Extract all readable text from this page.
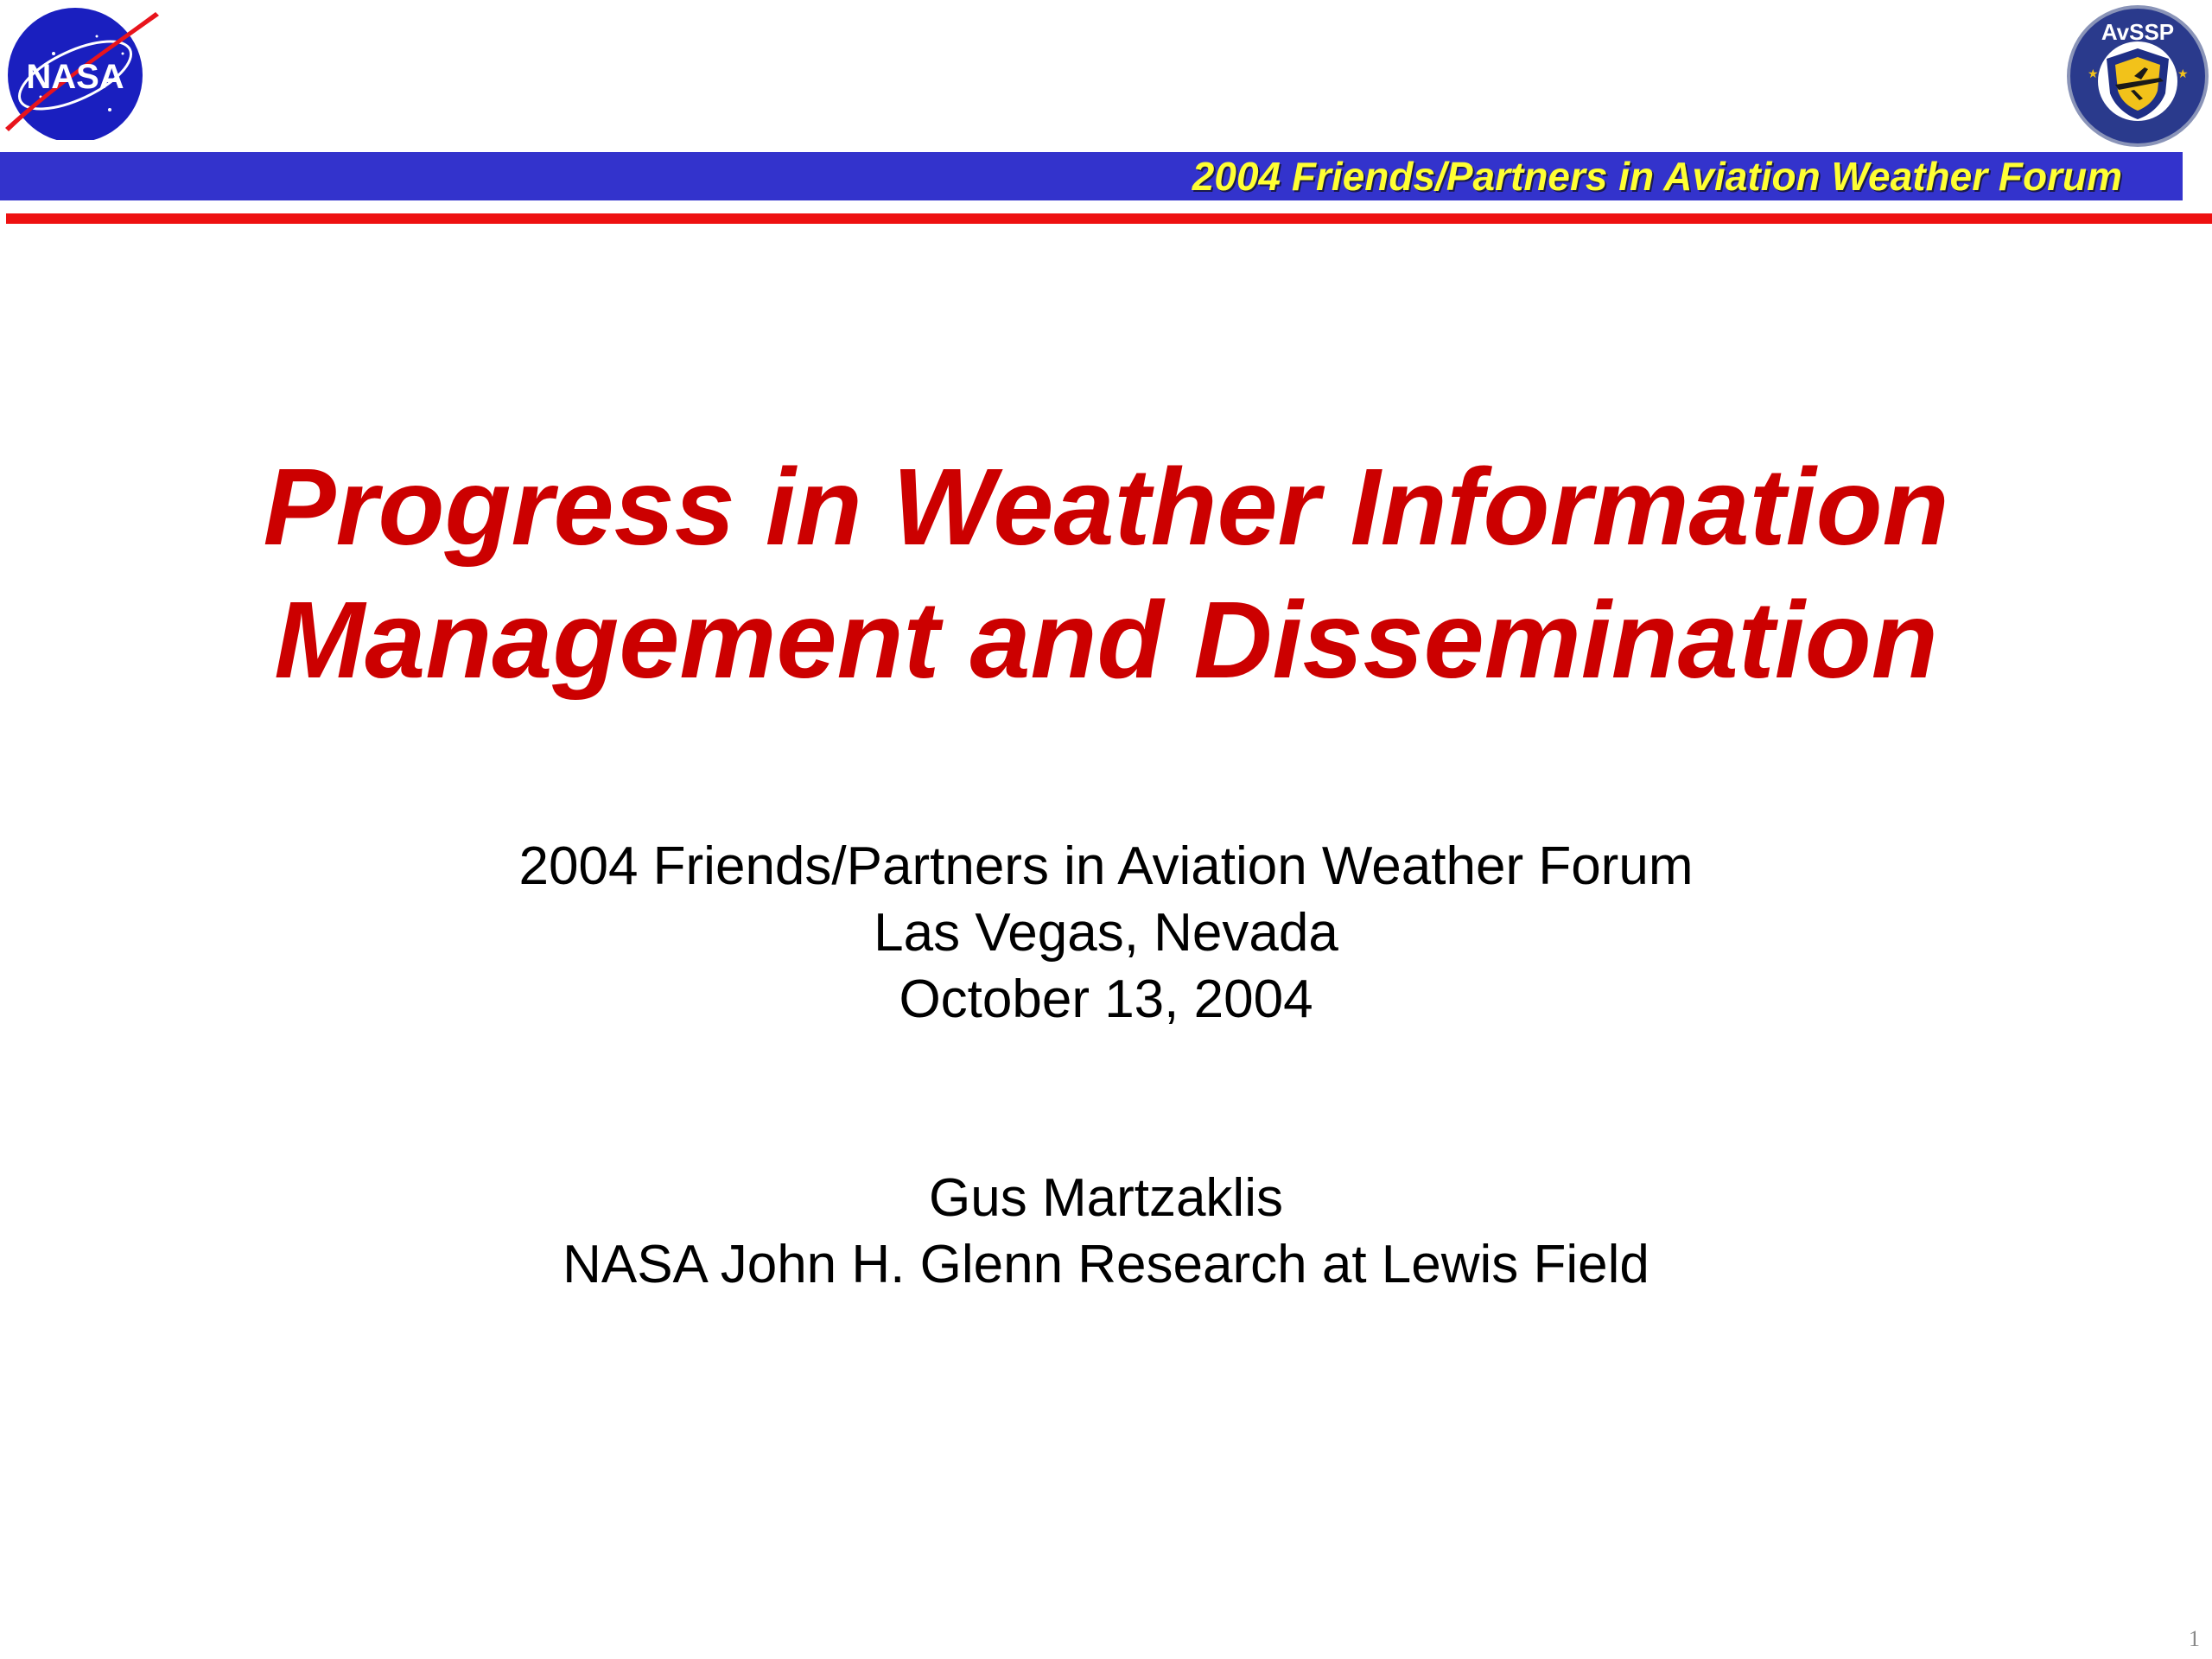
NASA
AvSSP
★	★
2004 Friends/Partners in Aviation Weather Forum
Progress in Weather Information
Management and Dissemination
2004 Friends/Partners in Aviation Weather Forum
Las Vegas, Nevada
October 13, 2004
Gus Martzaklis
NASA John H. Glenn Research at Lewis Field
1
